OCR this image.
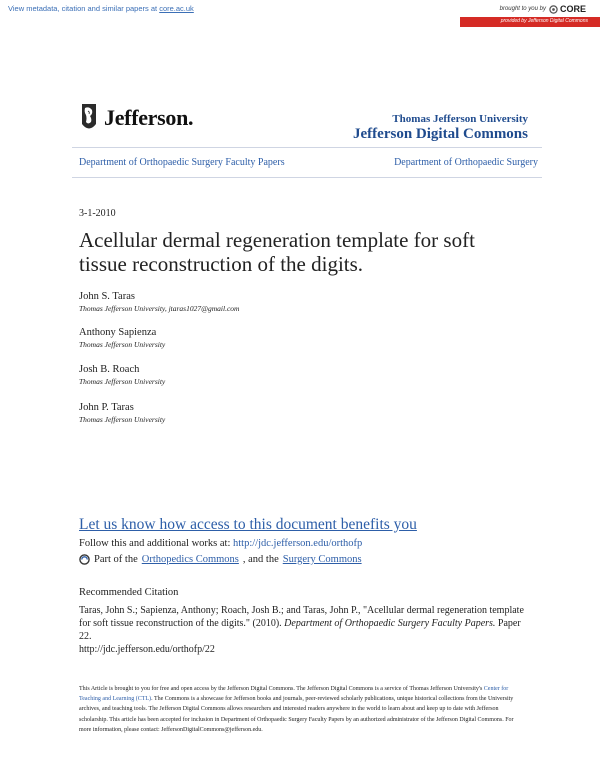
View metadata, citation and similar papers at core.ac.uk	brought to you by CORE
provided by Jefferson Digital Commons
Jefferson.	Thomas Jefferson University
Jefferson Digital Commons
Department of Orthopaedic Surgery Faculty Papers	Department of Orthopaedic Surgery
3-1-2010
Acellular dermal regeneration template for soft tissue reconstruction of the digits.
John S. Taras
Thomas Jefferson University, jtaras1027@gmail.com
Anthony Sapienza
Thomas Jefferson University
Josh B. Roach
Thomas Jefferson University
John P. Taras
Thomas Jefferson University
Let us know how access to this document benefits you
Follow this and additional works at: http://jdc.jefferson.edu/orthofp
Part of the Orthopedics Commons , and the Surgery Commons
Recommended Citation
Taras, John S.; Sapienza, Anthony; Roach, Josh B.; and Taras, John P., "Acellular dermal regeneration template for soft tissue reconstruction of the digits." (2010). Department of Orthopaedic Surgery Faculty Papers. Paper 22.
http://jdc.jefferson.edu/orthofp/22
This Article is brought to you for free and open access by the Jefferson Digital Commons. The Jefferson Digital Commons is a service of Thomas Jefferson University's Center for Teaching and Learning (CTL). The Commons is a showcase for Jefferson books and journals, peer-reviewed scholarly publications, unique historical collections from the University archives, and teaching tools. The Jefferson Digital Commons allows researchers and interested readers anywhere in the world to learn about and keep up to date with Jefferson scholarship. This article has been accepted for inclusion in Department of Orthopaedic Surgery Faculty Papers by an authorized administrator of the Jefferson Digital Commons. For more information, please contact: JeffersonDigitalCommons@jefferson.edu.
